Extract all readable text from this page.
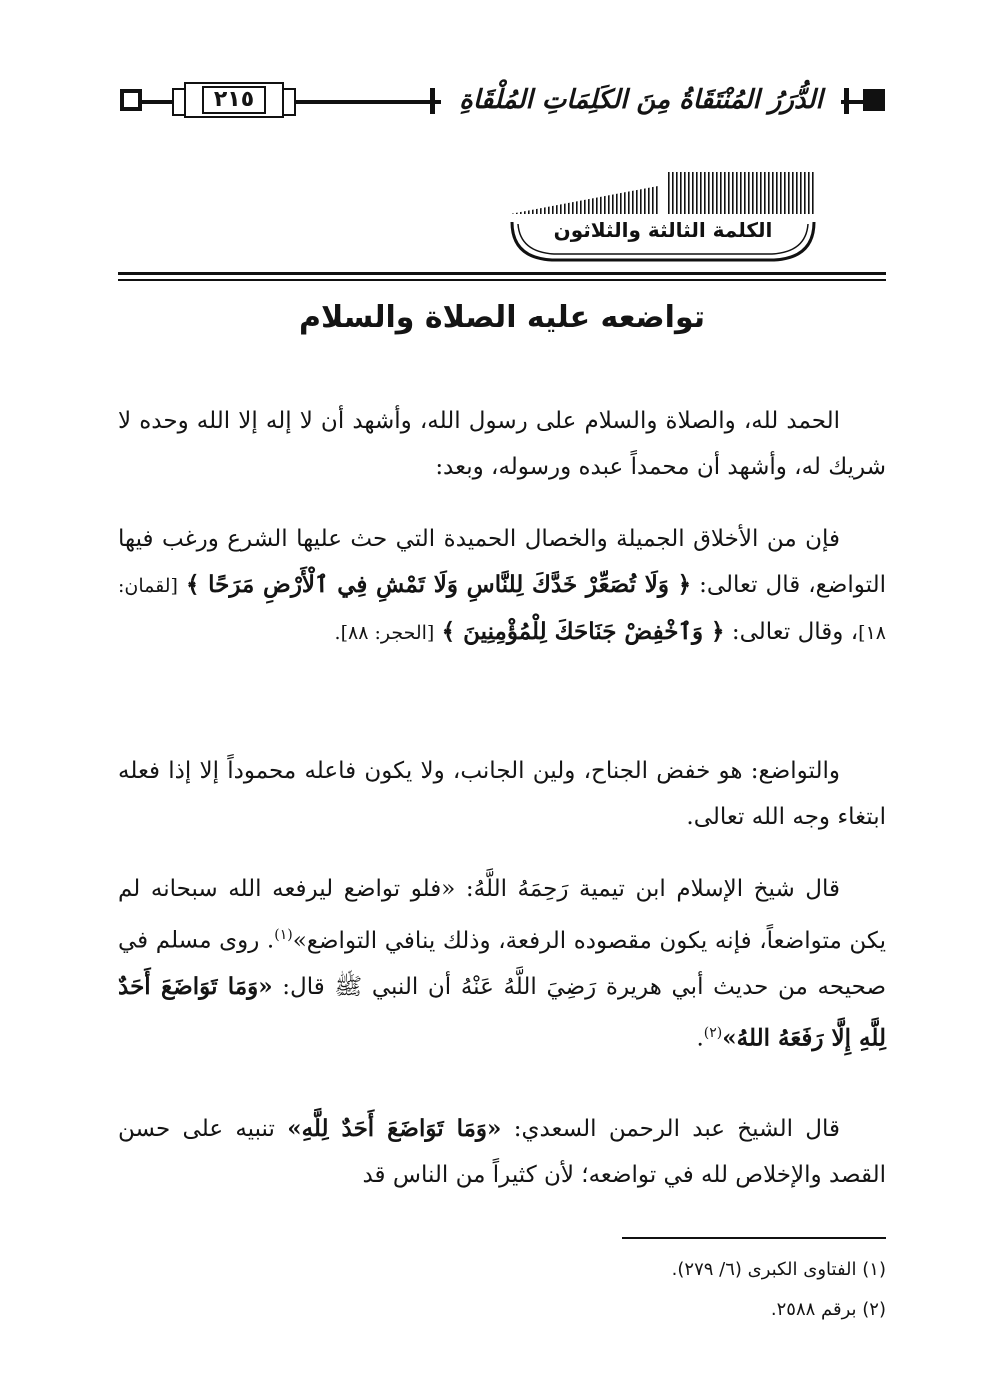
٢١٥	الدُّرَرُ المُنْتَقَاةُ مِنَ الكَلِمَاتِ المُلْقَاةِ
الكلمة الثالثة والثلاثون
تواضعه عليه الصلاة والسلام

الحمد لله، والصلاة والسلام على رسول الله، وأشهد أن لا إله إلا الله وحده لا شريك له، وأشهد أن محمداً عبده ورسوله، وبعد:

فإن من الأخلاق الجميلة والخصال الحميدة التي حث عليها الشرع ورغب فيها التواضع، قال تعالى: ﴿ وَلَا تُصَعِّرْ خَدَّكَ لِلنَّاسِ وَلَا تَمْشِ فِي ٱلْأَرْضِ مَرَحًا ﴾ [لقمان: ١٨]، وقال تعالى: ﴿ وَٱخْفِضْ جَنَاحَكَ لِلْمُؤْمِنِينَ ﴾ [الحجر: ٨٨].

والتواضع: هو خفض الجناح، ولين الجانب، ولا يكون فاعله محموداً إلا إذا فعله ابتغاء وجه الله تعالى.

قال شيخ الإسلام ابن تيمية رَحِمَهُ اللَّهُ: «فلو تواضع ليرفعه الله سبحانه لم يكن متواضعاً، فإنه يكون مقصوده الرفعة، وذلك ينافي التواضع»$^{(١)}$. روى مسلم في صحيحه من حديث أبي هريرة رَضِيَ اللَّهُ عَنْهُ أن النبي ﷺ قال: «وَمَا تَوَاضَعَ أَحَدٌ لِلَّهِ إِلَّا رَفَعَهُ اللهُ»$^{(٢)}$.

قال الشيخ عبد الرحمن السعدي: «وَمَا تَوَاضَعَ أَحَدٌ لِلَّهِ» تنبيه على حسن القصد والإخلاص لله في تواضعه؛ لأن كثيراً من الناس قد

(١) الفتاوى الكبرى (٦/ ٢٧٩).

(٢) برقم ٢٥٨٨.
